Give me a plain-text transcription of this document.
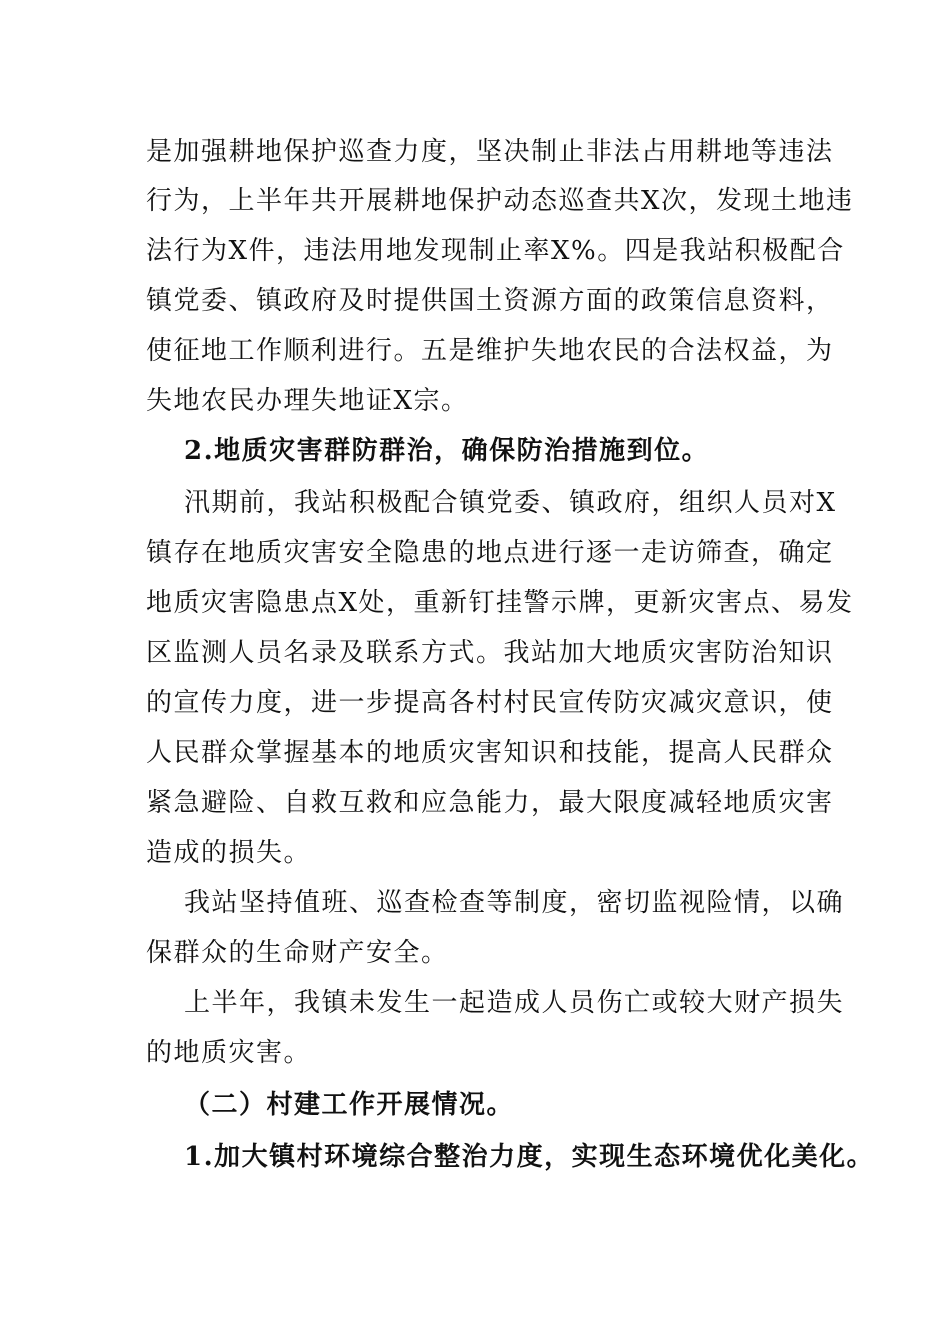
是加强耕地保护巡查力度，坚决制止非法占用耕地等违法
行为，上半年共开展耕地保护动态巡查共X次，发现土地违
法行为X件，违法用地发现制止率X%。四是我站积极配合
镇党委、镇政府及时提供国土资源方面的政策信息资料，
使征地工作顺利进行。五是维护失地农民的合法权益，为
失地农民办理失地证X宗。
2.地质灾害群防群治，确保防治措施到位。
汛期前，我站积极配合镇党委、镇政府，组织人员对X
镇存在地质灾害安全隐患的地点进行逐一走访筛查，确定
地质灾害隐患点X处，重新钉挂警示牌，更新灾害点、易发
区监测人员名录及联系方式。我站加大地质灾害防治知识
的宣传力度，进一步提高各村村民宣传防灾减灾意识，使
人民群众掌握基本的地质灾害知识和技能，提高人民群众
紧急避险、自救互救和应急能力，最大限度减轻地质灾害
造成的损失。
我站坚持值班、巡查检查等制度，密切监视险情，以确
保群众的生命财产安全。
上半年，我镇未发生一起造成人员伤亡或较大财产损失
的地质灾害。
（二）村建工作开展情况。
1.加大镇村环境综合整治力度，实现生态环境优化美化。
